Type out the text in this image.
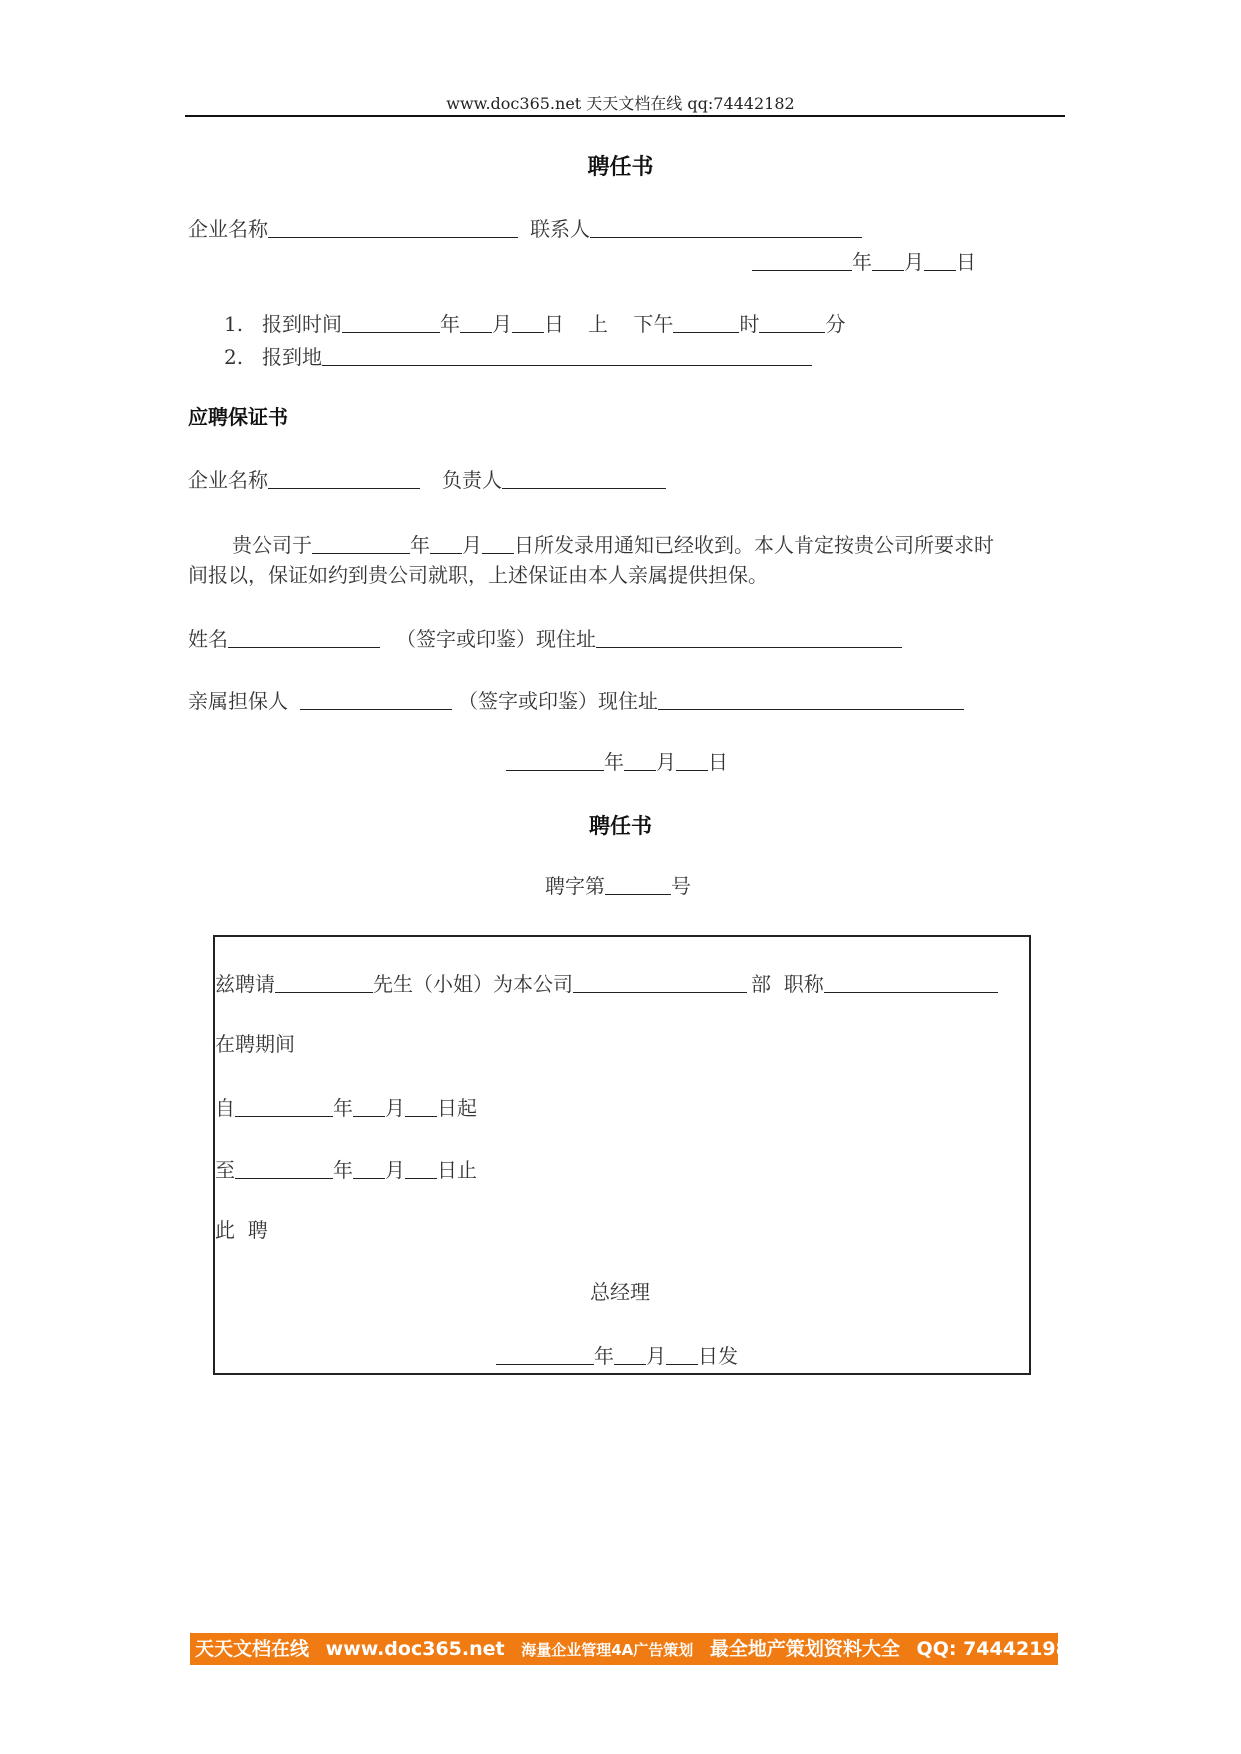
www.doc365.net 天天文档在线 qq:74442182
聘任书
企业名称	联系人
年 月 日
1. 报到时间	年 月 日 上    下午	时	分
2. 报到地
应聘保证书
企业名称	负责人
贵公司于	年 月 日所发录用通知已经收到。本人肯定按贵公司所要求时
间报以，保证如约到贵公司就职，上述保证由本人亲属提供担保。
姓名	（签字或印鉴）现住址
亲属担保人	（签字或印鉴）现住址
年 月 日
聘任书
聘字第	号
兹聘请	先生（小姐）为本公司	部  职称
在聘期间
自	年 月 日起
至	年 月 日止
此  聘
总经理
年 月 日发
天天文档在线 www.doc365.net 海量企业管理4A广告策划 最全地产策划资料大全 QQ: 744421982
